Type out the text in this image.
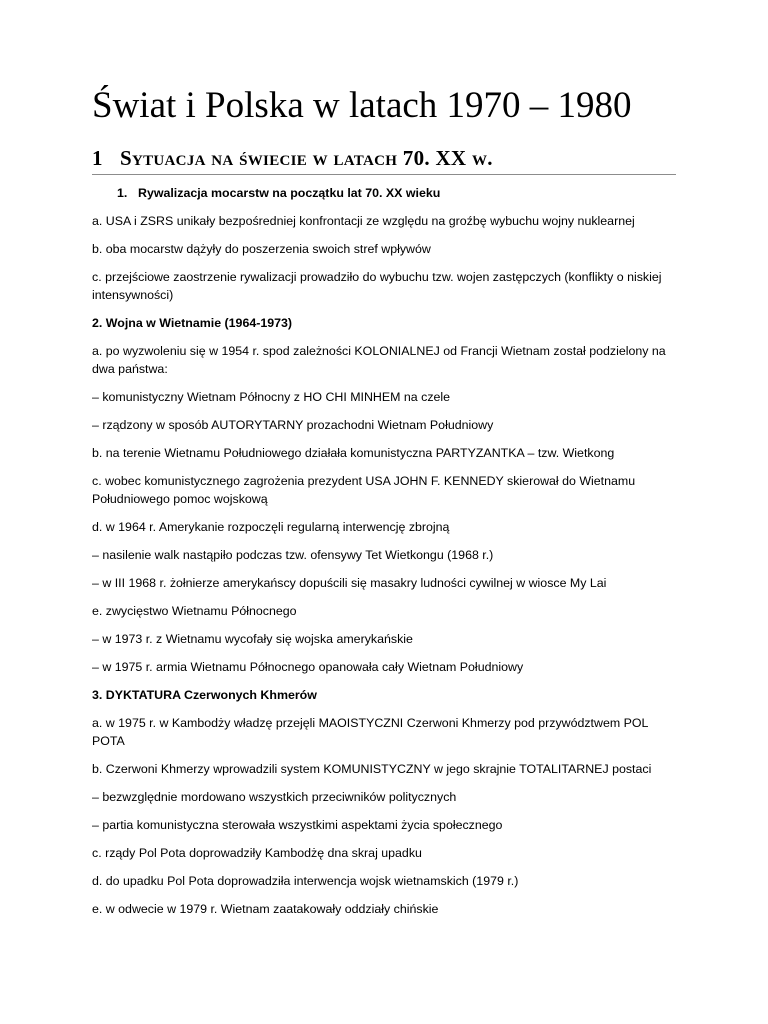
Świat i Polska w latach 1970 – 1980
1 Sytuacja na świecie w latach 70. XX w.

1. Rywalizacja mocarstw na początku lat 70. XX wieku

a. USA i ZSRS unikały bezpośredniej konfrontacji ze względu na groźbę wybuchu wojny nuklearnej

b. oba mocarstw dążyły do poszerzenia swoich stref wpływów

c. przejściowe zaostrzenie rywalizacji prowadziło do wybuchu tzw. wojen zastępczych (konflikty o niskiej intensywności)

2. Wojna w Wietnamie (1964-1973)

a. po wyzwoleniu się w 1954 r. spod zależności KOLONIALNEJ od Francji Wietnam został podzielony na dwa państwa:

– komunistyczny Wietnam Północny z HO CHI MINHEM na czele

– rządzony w sposób AUTORYTARNY prozachodni Wietnam Południowy

b. na terenie Wietnamu Południowego działała komunistyczna PARTYZANTKA – tzw. Wietkong

c. wobec komunistycznego zagrożenia prezydent USA JOHN F. KENNEDY skierował do Wietnamu Południowego pomoc wojskową

d. w 1964 r. Amerykanie rozpoczęli regularną interwencję zbrojną

– nasilenie walk nastąpiło podczas tzw. ofensywy Tet Wietkongu (1968 r.)

– w III 1968 r. żołnierze amerykańscy dopuścili się masakry ludności cywilnej w wiosce My Lai

e. zwycięstwo Wietnamu Północnego

– w 1973 r. z Wietnamu wycofały się wojska amerykańskie

– w 1975 r. armia Wietnamu Północnego opanowała cały Wietnam Południowy

3. DYKTATURA Czerwonych Khmerów

a. w 1975 r. w Kambodży władzę przejęli MAOISTYCZNI Czerwoni Khmerzy pod przywództwem POL POTA

b. Czerwoni Khmerzy wprowadzili system KOMUNISTYCZNY w jego skrajnie TOTALITARNEJ postaci

– bezwzględnie mordowano wszystkich przeciwników politycznych

– partia komunistyczna sterowała wszystkimi aspektami życia społecznego

c. rządy Pol Pota doprowadziły Kambodżę dna skraj upadku

d. do upadku Pol Pota doprowadziła interwencja wojsk wietnamskich (1979 r.)

e. w odwecie w 1979 r. Wietnam zaatakowały oddziały chińskie
